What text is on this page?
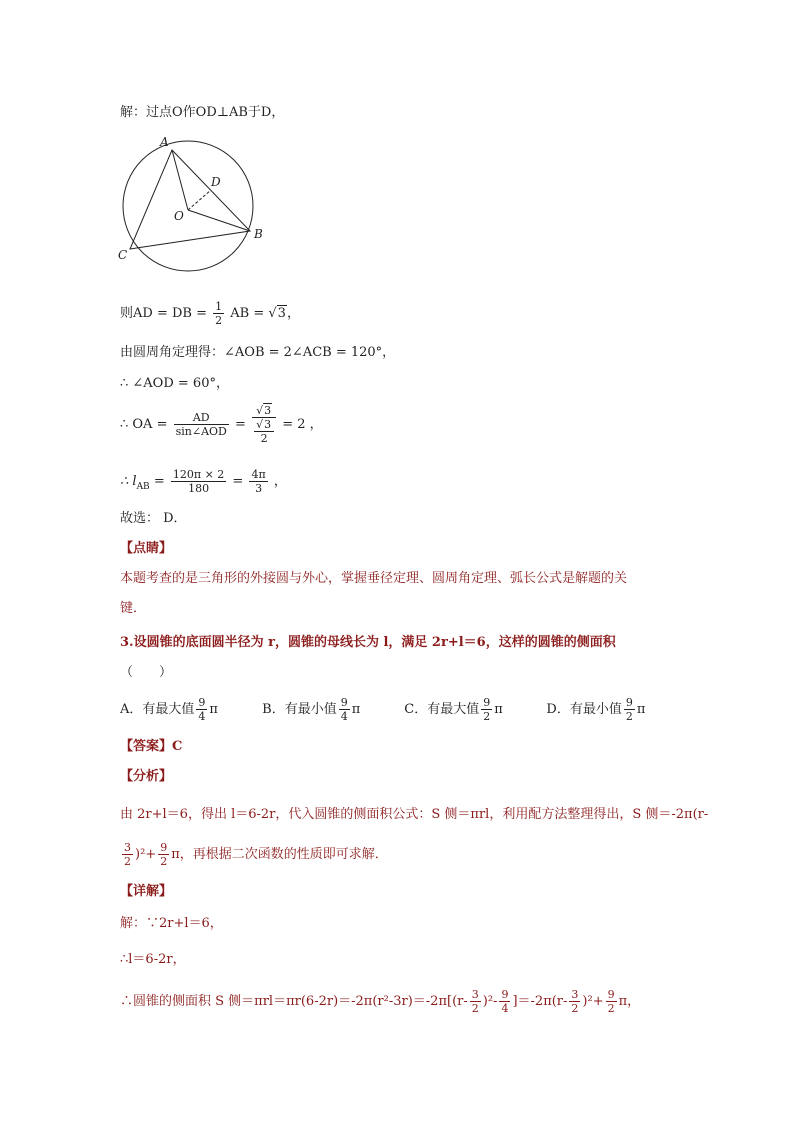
解：过点O作OD⊥AB于D，
A
D
O
B
C
则AD = DB = $\frac{1}{2}$ AB = √3，
由圆周角定理得：∠AOB = 2∠ACB = 120°，
∴ ∠AOD = 60°，
∴ OA = $\frac{AD}{\text{sin∠AOD}} = \frac{√3}{\frac{√3}{2}} = 2$ ，
∴ $l_{AB} = \frac{120\pi \times 2}{180} = \frac{4\pi}{3}$ ，
故选： D．
【点睛】
本题考查的是三角形的外接圆与外心，掌握垂径定理、圆周角定理、弧长公式是解题的关
键．
3.设圆锥的底面圆半径为 r，圆锥的母线长为 l，满足 2r+l＝6，这样的圆锥的侧面积
（　　）
A．有最大值 $\frac{9}{4}$ π	B．有最小值 $\frac{9}{4}$ π	C．有最大值 $\frac{9}{2}$ π	D．有最小值 $\frac{9}{2}$ π
【答案】C
【分析】
由 2r+l＝6，得出 l＝6-2r，代入圆锥的侧面积公式：S 侧＝πrl，利用配方法整理得出，S 侧＝-2π(r-
$\frac{3}{2} )^2+ \frac{9}{2}$ π，再根据二次函数的性质即可求解．
【详解】
解：∵2r+l＝6，
∴l＝6-2r，
∴圆锥的侧面积 S 侧$=\pi rl=\pi r(6-2r)=-2\pi(r^2-3r)=-2\pi[(r- \frac{3}{2} )^2- \frac{9}{4} ]=-2\pi(r- \frac{3}{2} )^2+ \frac{9}{2}$ π，
